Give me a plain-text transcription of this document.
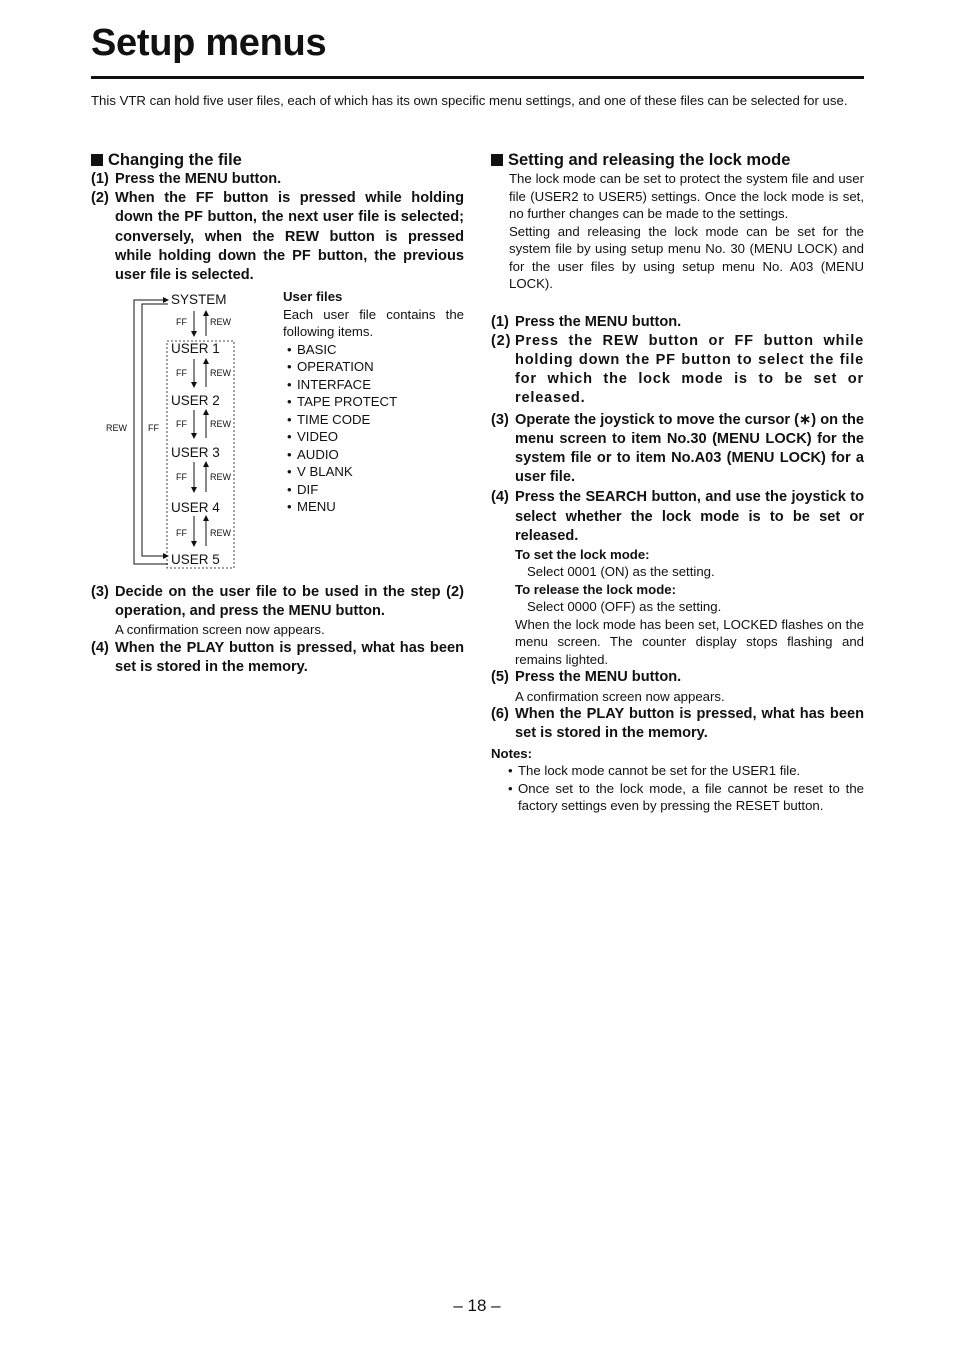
Setup menus

This VTR can hold five user files, each of which has its own specific menu settings, and one of these files can be selected for use.

Changing the file

(1) Press the MENU button.

(2) When the FF button is pressed while holding down the PF button, the next user file is selected; conversely, when the REW button is pressed while holding down the PF button, the previous user file is selected.

SYSTEM
USER 1
USER 2
USER 3
USER 4
USER 5
FF	REW
FF	REW
FF	REW
FF	REW
FF	REW
REW FF

User files

Each user file contains the following items.

• BASIC
• OPERATION
• INTERFACE
• TAPE PROTECT
• TIME CODE
• VIDEO
• AUDIO
• V BLANK
• DIF
• MENU

(3) Decide on the user file to be used in the step (2) operation, and press the MENU button.

A confirmation screen now appears.

(4) When the PLAY button is pressed, what has been set is stored in the memory.

Setting and releasing the lock mode

The lock mode can be set to protect the system file and user file (USER2 to USER5) settings. Once the lock mode is set, no further changes can be made to the settings.

Setting and releasing the lock mode can be set for the system file by using setup menu No. 30 (MENU LOCK) and for the user files by using setup menu No. A03 (MENU LOCK).

(1) Press the MENU button.

(2) Press the REW button or FF button while holding down the PF button to select the file for which the lock mode is to be set or released.

(3) Operate the joystick to move the cursor (∗) on the menu screen to item No.30 (MENU LOCK) for the system file or to item No.A03 (MENU LOCK) for a user file.

(4) Press the SEARCH button, and use the joystick to select whether the lock mode is to be set or released.

To set the lock mode:

Select 0001 (ON) as the setting.

To release the lock mode:

Select 0000 (OFF) as the setting.

When the lock mode has been set, LOCKED flashes on the menu screen. The counter display stops flashing and remains lighted.

(5) Press the MENU button.

A confirmation screen now appears.

(6) When the PLAY button is pressed, what has been set is stored in the memory.

Notes:

• The lock mode cannot be set for the USER1 file.
• Once set to the lock mode, a file cannot be reset to the factory settings even by pressing the RESET button.
– 18 –
